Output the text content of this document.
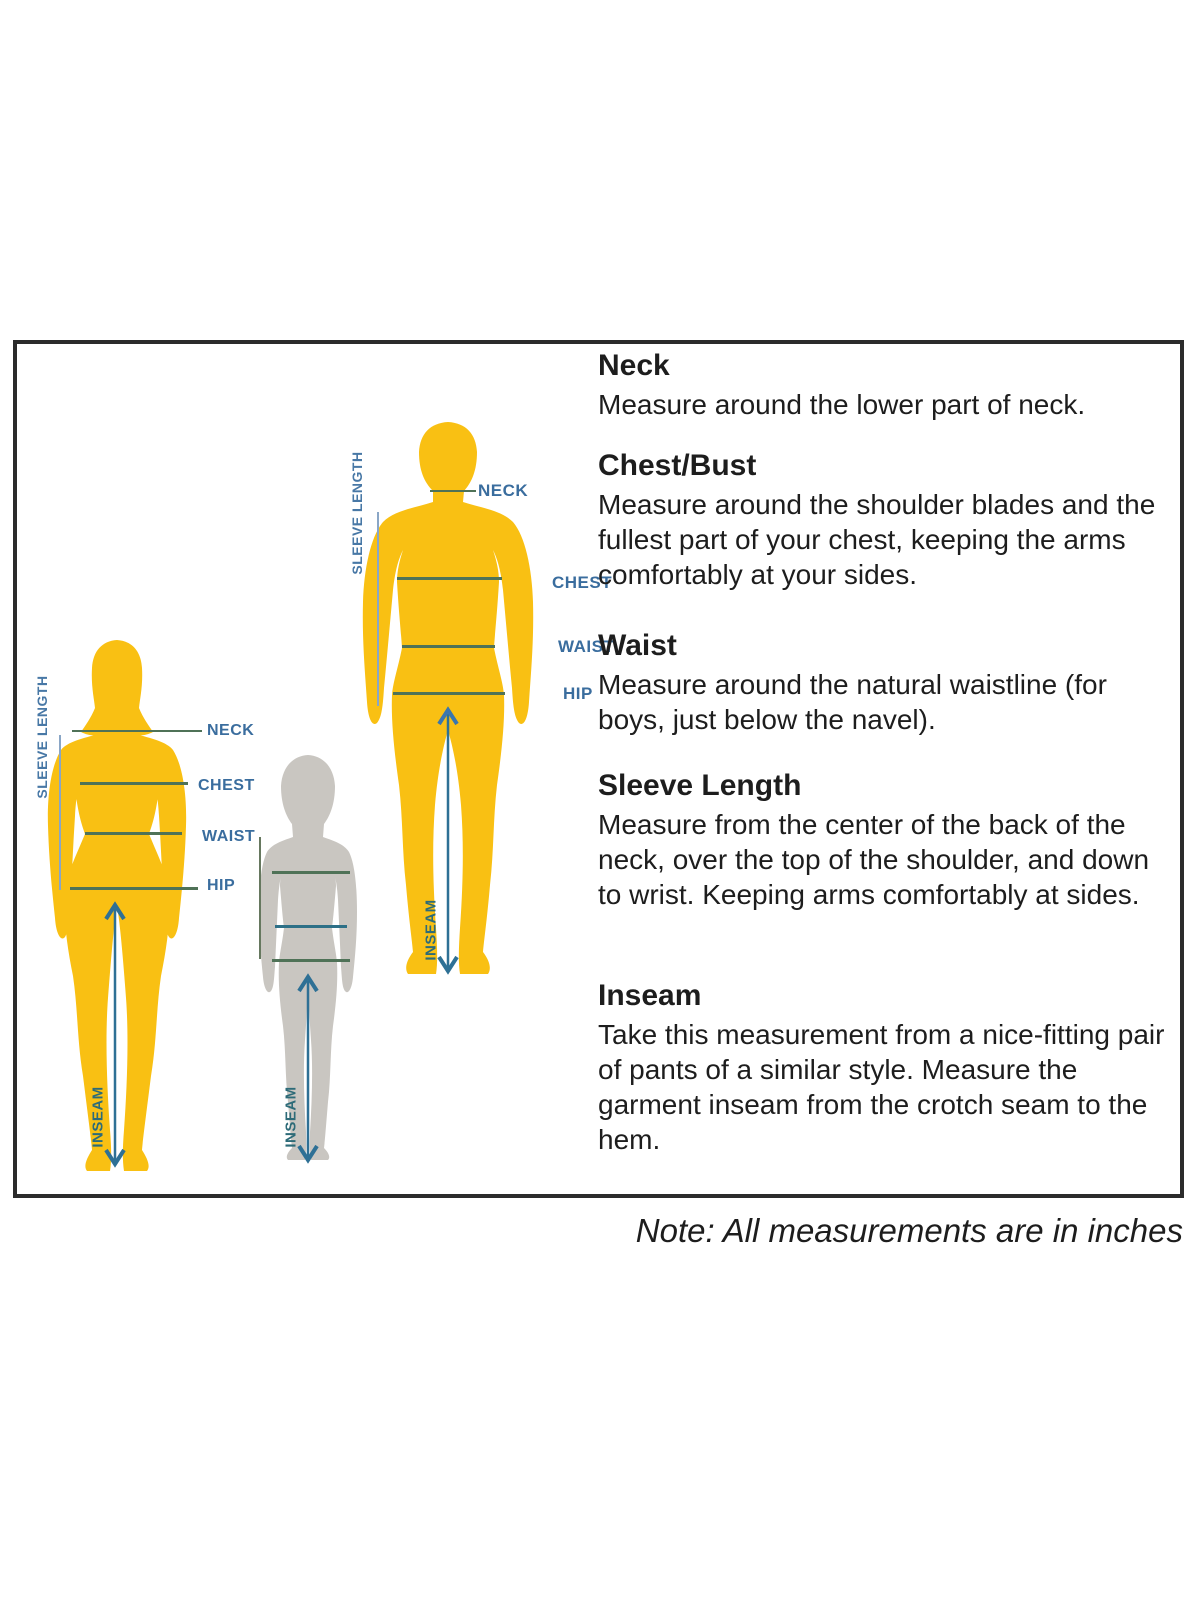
SLEEVE LENGTH	NECK
CHEST
WAIST
HIP
INSEAM
SLEEVE LENGTH	NECK
CHEST
WAIST
HIP
INSEAM	INSEAM
Neck

Measure around the lower part of neck.

Chest/Bust

Measure around the shoulder blades and the fullest part of your chest, keeping the arms comfortably at your sides.

Waist

Measure around the natural waistline (for boys, just below the navel).

Sleeve Length

Measure from the center of the back of the neck, over the top of the shoulder, and down to wrist. Keeping arms comfortably at sides.

Inseam

Take this measurement from a nice-fitting pair of pants of a similar style. Measure the garment inseam from the crotch seam to the hem.

Note: All measurements are in inches
